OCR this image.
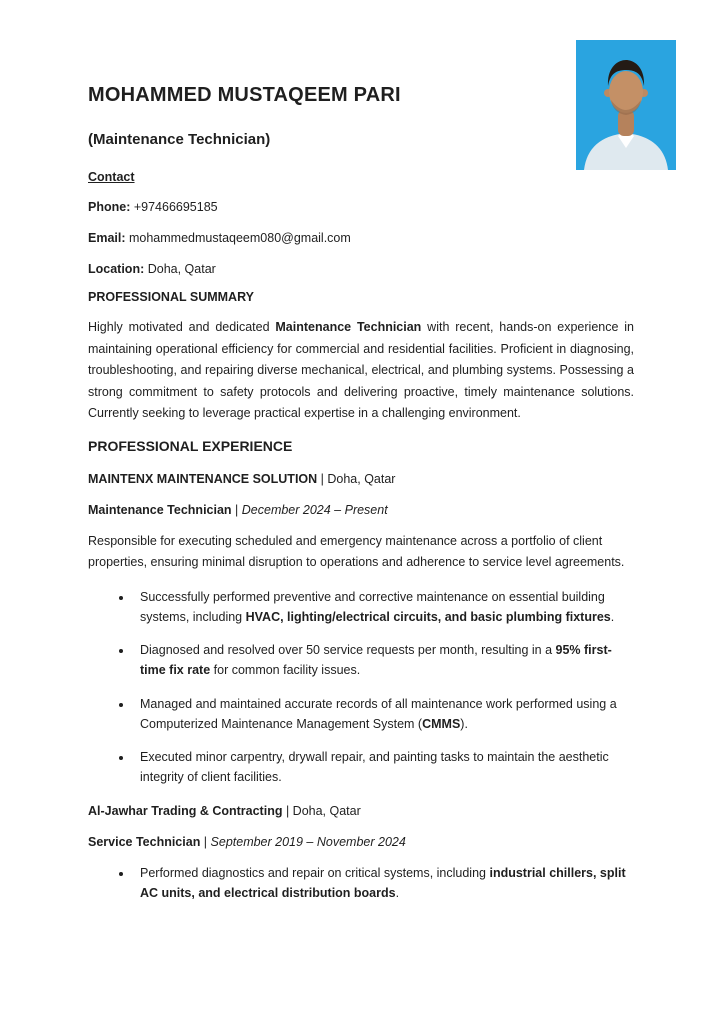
MOHAMMED MUSTAQEEM PARI
(Maintenance Technician)
Contact

Phone: +97466695185

Email: mohammedmustaqeem080@gmail.com

Location: Doha, Qatar

PROFESSIONAL SUMMARY

Highly motivated and dedicated Maintenance Technician with recent, hands-on experience in maintaining operational efficiency for commercial and residential facilities. Proficient in diagnosing, troubleshooting, and repairing diverse mechanical, electrical, and plumbing systems. Possessing a strong commitment to safety protocols and delivering proactive, timely maintenance solutions. Currently seeking to leverage practical expertise in a challenging environment.

PROFESSIONAL EXPERIENCE

MAINTENX MAINTENANCE SOLUTION | Doha, Qatar

Maintenance Technician | December 2024 – Present

Responsible for executing scheduled and emergency maintenance across a portfolio of client properties, ensuring minimal disruption to operations and adherence to service level agreements.

• Successfully performed preventive and corrective maintenance on essential building systems, including HVAC, lighting/electrical circuits, and basic plumbing fixtures.
• Diagnosed and resolved over 50 service requests per month, resulting in a 95% first-time fix rate for common facility issues.
• Managed and maintained accurate records of all maintenance work performed using a Computerized Maintenance Management System (CMMS).
• Executed minor carpentry, drywall repair, and painting tasks to maintain the aesthetic integrity of client facilities.

Al-Jawhar Trading & Contracting | Doha, Qatar

Service Technician | September 2019 – November 2024

• Performed diagnostics and repair on critical systems, including industrial chillers, split AC units, and electrical distribution boards.
